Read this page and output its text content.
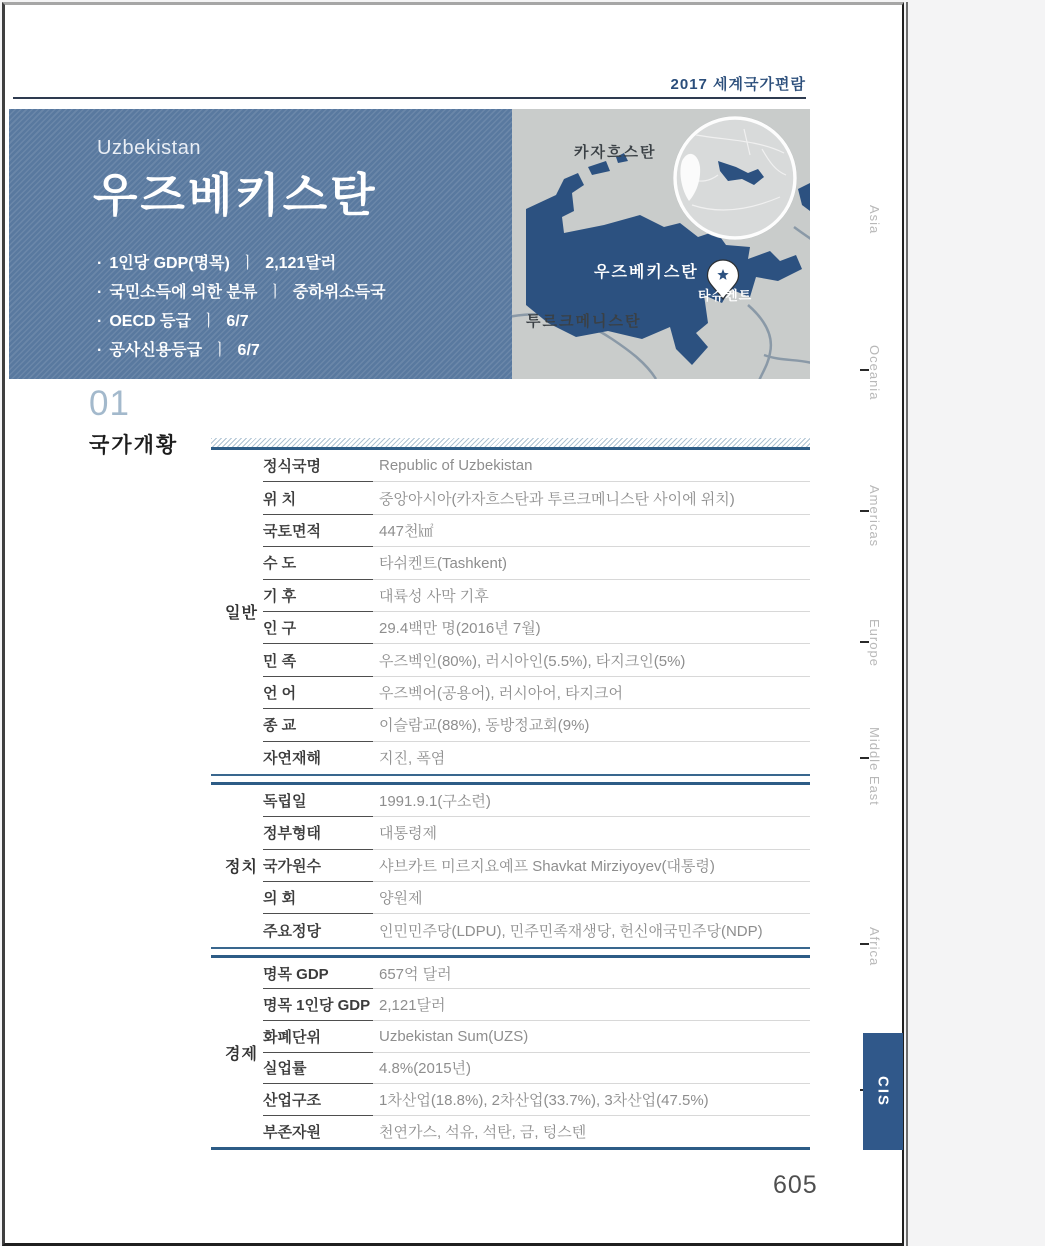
2017 세계국가편람
Uzbekistan
우즈베키스탄
· 1인당 GDP(명목) ㅣ 2,121달러
· 국민소득에 의한 분류 ㅣ 중하위소득국
· OECD 등급 ㅣ 6/7
· 공사신용등급 ㅣ 6/7
카자흐스탄
우즈베키스탄
타슈켄트
투르크메니스탄
01
국가개황
일반
정식국명	Republic of Uzbekistan
위 치	중앙아시아(카자흐스탄과 투르크메니스탄 사이에 위치)
국토면적	447천㎢
수 도	타쉬켄트(Tashkent)
기 후	대륙성 사막 기후
인 구	29.4백만 명(2016년 7월)
민 족	우즈벡인(80%), 러시아인(5.5%), 타지크인(5%)
언 어	우즈벡어(공용어), 러시아어, 타지크어
종 교	이슬람교(88%), 동방정교회(9%)
자연재해	지진, 폭염
정치
독립일	1991.9.1(구소련)
정부형태	대통령제
국가원수	샤브카트 미르지요예프 Shavkat Mirziyoyev(대통령)
의 회	양원제
주요정당	인민민주당(LDPU), 민주민족재생당, 헌신애국민주당(NDP)
경제
명목 GDP	657억 달러
명목 1인당 GDP 2,121달러
화폐단위	Uzbekistan Sum(UZS)
실업률	4.8%(2015년)
산업구조	1차산업(18.8%), 2차산업(33.7%), 3차산업(47.5%)
부존자원	천연가스, 석유, 석탄, 금, 텅스텐
Asia
Oceania
Americas
Europe
Middle East
Africa
CIS
605
